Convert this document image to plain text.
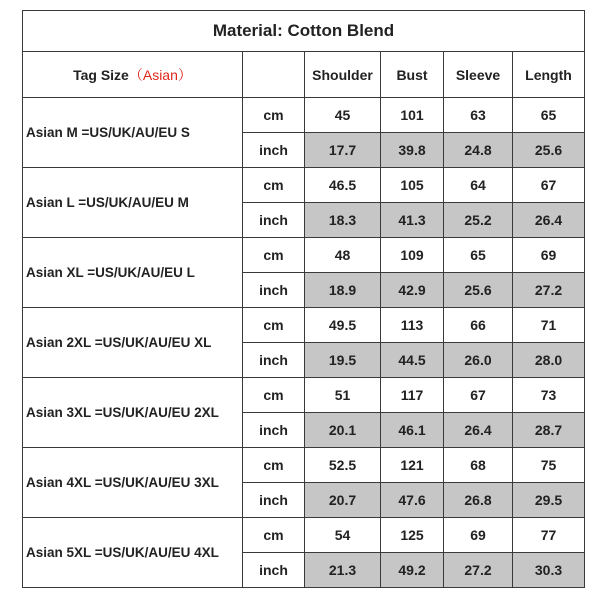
Material: Cotton Blend					
Tag Size（Asian）		Shoulder	Bust	Sleeve	Length
Asian M =US/UK/AU/EU S	cm	45	101	63	65
	inch	17.7	39.8	24.8	25.6
Asian L =US/UK/AU/EU M	cm	46.5	105	64	67
	inch	18.3	41.3	25.2	26.4
Asian XL =US/UK/AU/EU L	cm	48	109	65	69
	inch	18.9	42.9	25.6	27.2
Asian 2XL =US/UK/AU/EU XL	cm	49.5	113	66	71
	inch	19.5	44.5	26.0	28.0
Asian 3XL =US/UK/AU/EU 2XL	cm	51	117	67	73
	inch	20.1	46.1	26.4	28.7
Asian 4XL =US/UK/AU/EU 3XL	cm	52.5	121	68	75
	inch	20.7	47.6	26.8	29.5
Asian 5XL =US/UK/AU/EU 4XL	cm	54	125	69	77
	inch	21.3	49.2	27.2	30.3
